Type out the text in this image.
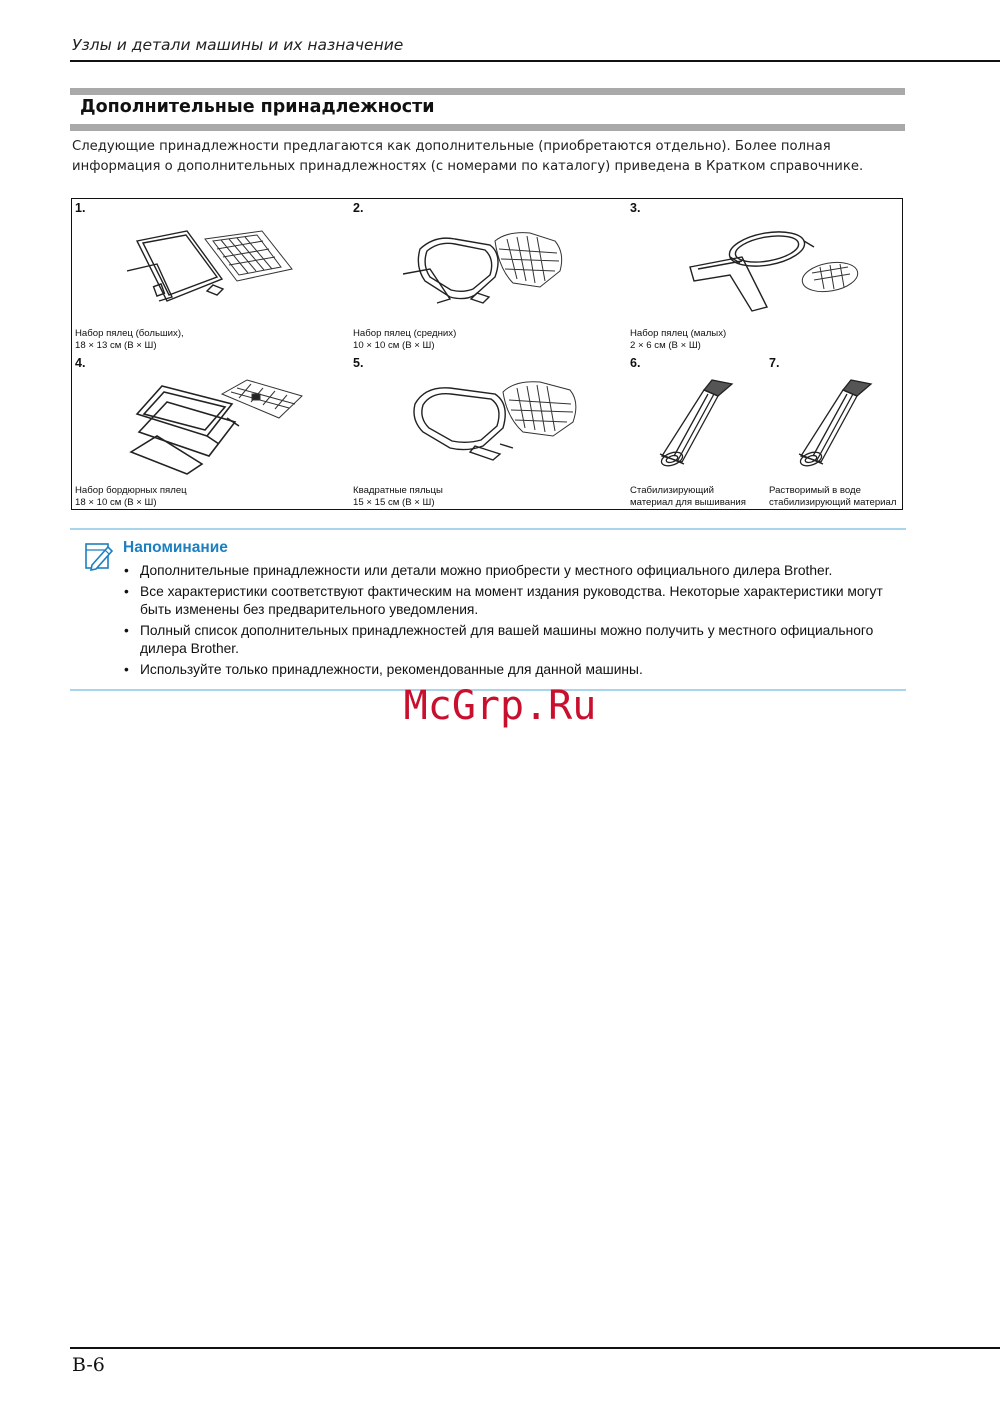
Узлы и детали машины и их назначение
Дополнительные принадлежности
Следующие принадлежности предлагаются как дополнительные (приобретаются отдельно). Более полная информация о дополнительных принадлежностях (с номерами по каталогу) приведена в Кратком справочнике.
1.
Набор пялец (больших),
18 × 13 см (В × Ш)
2.
Набор пялец (средних)
10 × 10 см (В × Ш)
3.
Набор пялец (малых)
2 × 6 см (В × Ш)
4.
Набор бордюрных пялец
18 × 10 см (В × Ш)
5.
Квадратные пяльцы
15 × 15 см (В × Ш)
6.
Стабилизирующий
материал для вышивания
7.
Растворимый в воде
стабилизирующий материал
Напоминание
• Дополнительные принадлежности или детали можно приобрести у местного официального дилера Brother.
• Все характеристики соответствуют фактическим на момент издания руководства. Некоторые характеристики могут быть изменены без предварительного уведомления.
• Полный список дополнительных принадлежностей для вашей машины можно получить у местного официального дилера Brother.
• Используйте только принадлежности, рекомендованные для данной машины.
McGrp.Ru
B-6
